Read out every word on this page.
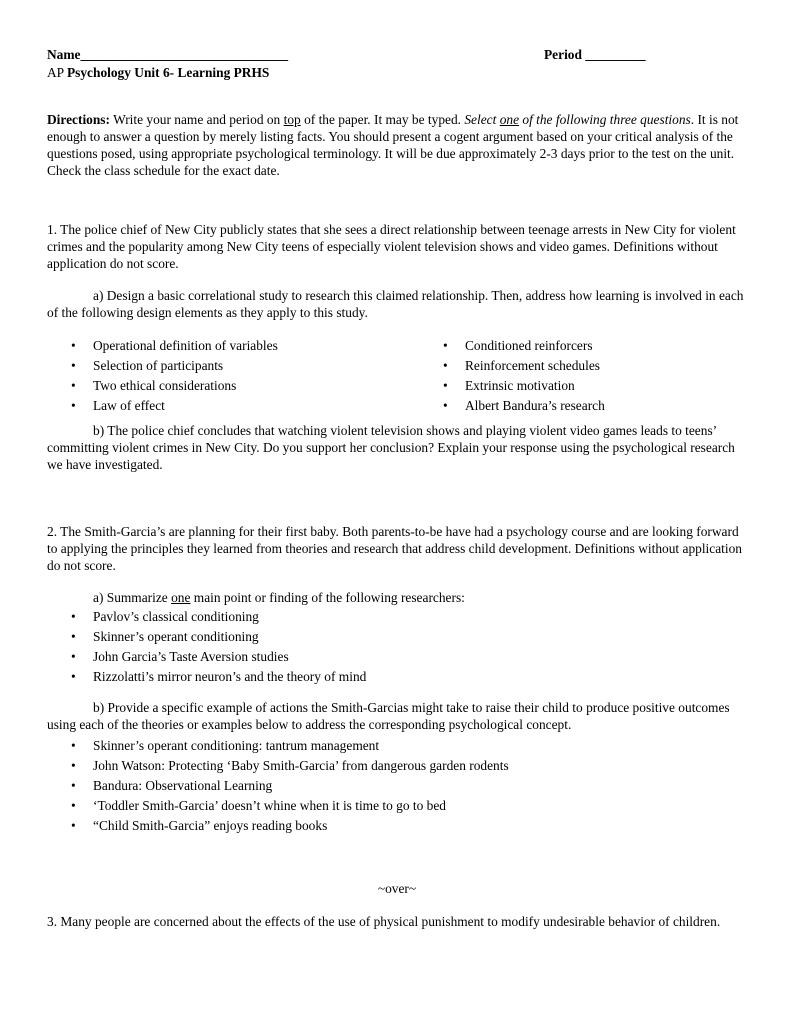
Name_______________________________	Period _________
AP Psychology Unit 6- Learning PRHS
Directions: Write your name and period on top of the paper. It may be typed. Select one of the following three questions. It is not enough to answer a question by merely listing facts. You should present a cogent argument based on your critical analysis of the questions posed, using appropriate psychological terminology. It will be due approximately 2-3 days prior to the test on the unit. Check the class schedule for the exact date.
1. The police chief of New City publicly states that she sees a direct relationship between teenage arrests in New City for violent crimes and the popularity among New City teens of especially violent television shows and video games. Definitions without application do not score.
a) Design a basic correlational study to research this claimed relationship. Then, address how learning is involved in each of the following design elements as they apply to this study.
• Operational definition of variables
• Selection of participants
• Two ethical considerations
• Law of effect
• Conditioned reinforcers
• Reinforcement schedules
• Extrinsic motivation
• Albert Bandura’s research
b) The police chief concludes that watching violent television shows and playing violent video games leads to teens’ committing violent crimes in New City. Do you support her conclusion? Explain your response using the psychological research we have investigated.
2. The Smith-Garcia’s are planning for their first baby. Both parents-to-be have had a psychology course and are looking forward to applying the principles they learned from theories and research that address child development. Definitions without application do not score.
a) Summarize one main point or finding of the following researchers:
• Pavlov’s classical conditioning
• Skinner’s operant conditioning
• John Garcia’s Taste Aversion studies
• Rizzolatti’s mirror neuron’s and the theory of mind
b) Provide a specific example of actions the Smith-Garcias might take to raise their child to produce positive outcomes using each of the theories or examples below to address the corresponding psychological concept.
• Skinner’s operant conditioning: tantrum management
• John Watson: Protecting ‘Baby Smith-Garcia’ from dangerous garden rodents
• Bandura: Observational Learning
• ‘Toddler Smith-Garcia’ doesn’t whine when it is time to go to bed
• “Child Smith-Garcia” enjoys reading books
~over~
3. Many people are concerned about the effects of the use of physical punishment to modify undesirable behavior of children.
